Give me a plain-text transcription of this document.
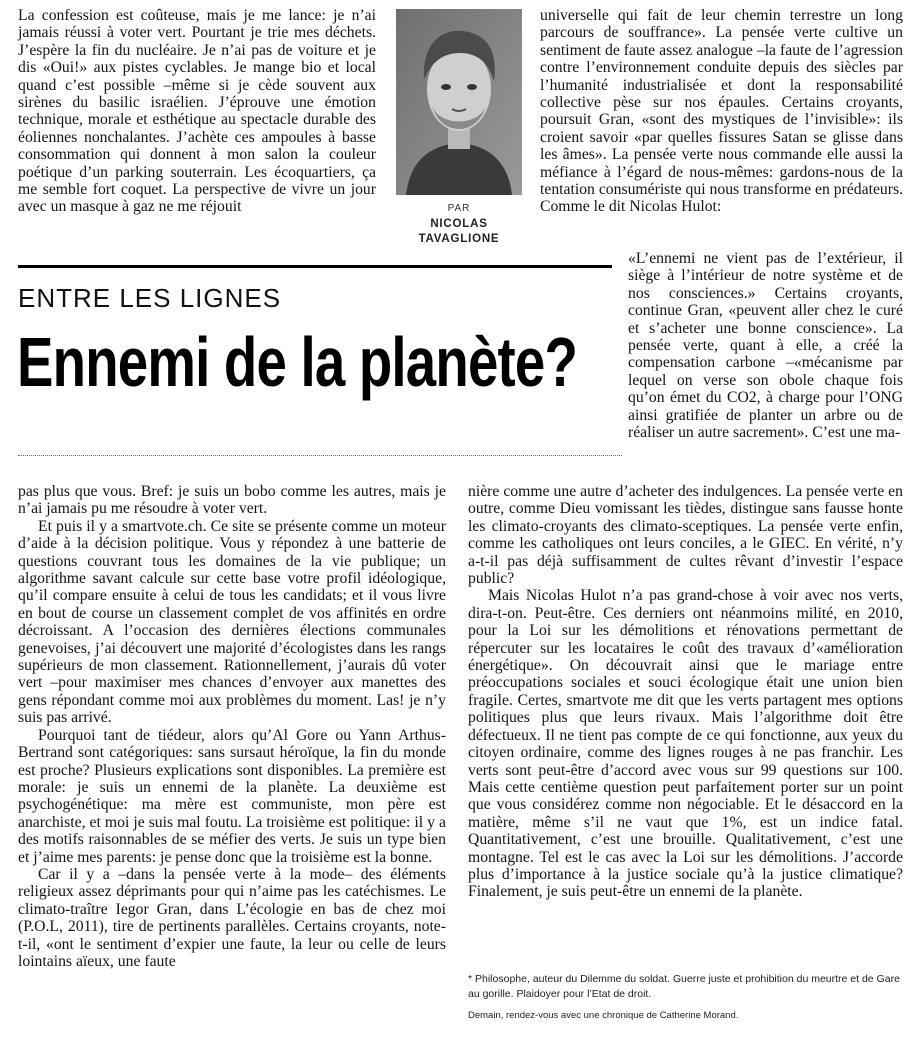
La confession est coûteuse, mais je me lance: je n’ai jamais réussi à voter vert. Pourtant je trie mes déchets. J’espère la fin du nucléaire. Je n’ai pas de voiture et je dis «Oui!» aux pistes cyclables. Je mange bio et local quand c’est possible –même si je cède souvent aux sirènes du basilic israélien. J’éprouve une émotion technique, morale et esthétique au spectacle durable des éoliennes nonchalantes. J’achète ces ampoules à basse consommation qui donnent à mon salon la couleur poétique d’un parking souterrain. Les écoquartiers, ça me semble fort coquet. La perspective de vivre un jour avec un masque à gaz ne me réjouit	PAR
NICOLAS
TAVAGLIONE

universelle qui fait de leur chemin terrestre un long parcours de souffrance». La pensée verte cultive un sentiment de faute assez analogue –la faute de l’agression contre l’environnement conduite depuis des siècles par l’humanité industrialisée et dont la responsabilité collective pèse sur nos épaules. Certains croyants, poursuit Gran, «sont des mystiques de l’invisible»: ils croient savoir «par quelles fissures Satan se glisse dans les âmes». La pensée verte nous commande elle aussi la méfiance à l’égard de nous-mêmes: gardons-nous de la tentation consumériste qui nous transforme en prédateurs. Comme le dit Nicolas Hulot:

«L’ennemi ne vient pas de l’extérieur, il siège à l’intérieur de notre système et de nos consciences.» Certains croyants, continue Gran, «peuvent aller chez le curé et s’acheter une bonne conscience». La pensée verte, quant à elle, a créé la compensation carbone –«mécanisme par lequel on verse son obole chaque fois qu’on émet du CO2, à charge pour l’ONG ainsi gratifiée de planter un arbre ou de réaliser un autre sacrement». C’est une ma-

ENTRE LES LIGNES
Ennemi de la planète?

pas plus que vous. Bref: je suis un bobo comme les autres, mais je n’ai jamais pu me résoudre à voter vert.

Et puis il y a smartvote.ch. Ce site se présente comme un moteur d’aide à la décision politique. Vous y répondez à une batterie de questions couvrant tous les domaines de la vie publique; un algorithme savant calcule sur cette base votre profil idéologique, qu’il compare ensuite à celui de tous les candidats; et il vous livre en bout de course un classement complet de vos affinités en ordre décroissant. A l’occasion des dernières élections communales genevoises, j’ai découvert une majorité d’écologistes dans les rangs supérieurs de mon classement. Rationnellement, j’aurais dû voter vert –pour maximiser mes chances d’envoyer aux manettes des gens répondant comme moi aux problèmes du moment. Las! je n’y suis pas arrivé.

Pourquoi tant de tiédeur, alors qu’Al Gore ou Yann Arthus-Bertrand sont catégoriques: sans sursaut héroïque, la fin du monde est proche? Plusieurs explications sont disponibles. La première est morale: je suis un ennemi de la planète. La deuxième est psychogénétique: ma mère est communiste, mon père est anarchiste, et moi je suis mal foutu. La troisième est politique: il y a des motifs raisonnables de se méfier des verts. Je suis un type bien et j’aime mes parents: je pense donc que la troisième est la bonne.

Car il y a –dans la pensée verte à la mode– des éléments religieux assez déprimants pour qui n’aime pas les catéchismes. Le climato-traître Iegor Gran, dans L’écologie en bas de chez moi (P.O.L, 2011), tire de pertinents parallèles. Certains croyants, note-t-il, «ont le sentiment d’expier une faute, la leur ou celle de leurs lointains aïeux, une faute

nière comme une autre d’acheter des indulgences. La pensée verte en outre, comme Dieu vomissant les tièdes, distingue sans fausse honte les climato-croyants des climato-sceptiques. La pensée verte enfin, comme les catholiques ont leurs conciles, a le GIEC. En vérité, n’y a-t-il pas déjà suffisamment de cultes rêvant d’investir l’espace public?

Mais Nicolas Hulot n’a pas grand-chose à voir avec nos verts, dira-t-on. Peut-être. Ces derniers ont néanmoins milité, en 2010, pour la Loi sur les démolitions et rénovations permettant de répercuter sur les locataires le coût des travaux d’«amélioration énergétique». On découvrait ainsi que le mariage entre préoccupations sociales et souci écologique était une union bien fragile. Certes, smartvote me dit que les verts partagent mes options politiques plus que leurs rivaux. Mais l’algorithme doit être défectueux. Il ne tient pas compte de ce qui fonctionne, aux yeux du citoyen ordinaire, comme des lignes rouges à ne pas franchir. Les verts sont peut-être d’accord avec vous sur 99 questions sur 100. Mais cette centième question peut parfaitement porter sur un point que vous considérez comme non négociable. Et le désaccord en la matière, même s’il ne vaut que 1%, est un indice fatal. Quantitativement, c’est une brouille. Qualitativement, c’est une montagne. Tel est le cas avec la Loi sur les démolitions. J’accorde plus d’importance à la justice sociale qu’à la justice climatique? Finalement, je suis peut-être un ennemi de la planète.

* Philosophe, auteur du Dilemme du soldat. Guerre juste et prohibition du meurtre et de Gare au gorille. Plaidoyer pour l’Etat de droit.

Demain, rendez-vous avec une chronique de Catherine Morand.
